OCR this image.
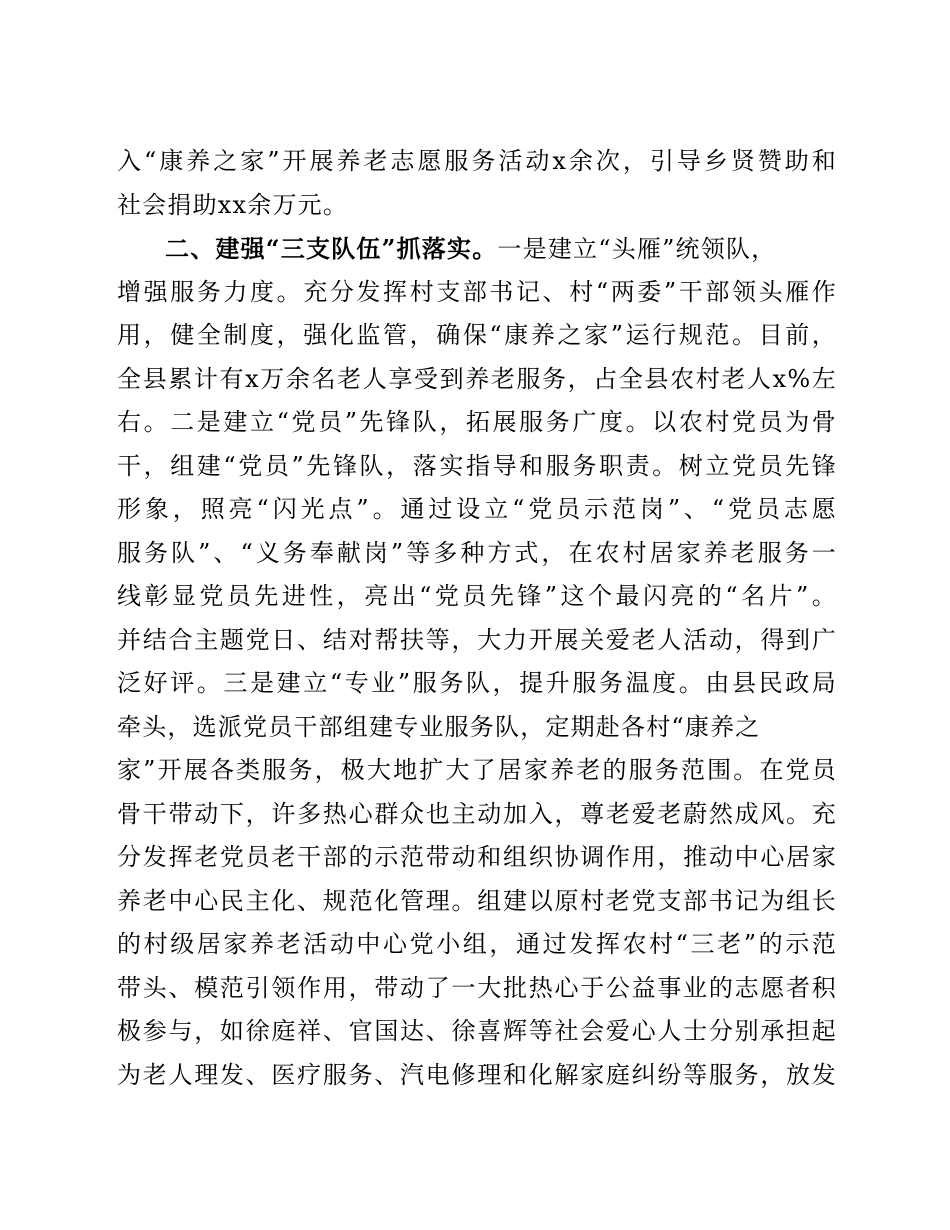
入“康养之家”开展养老志愿服务活动x余次，引导乡贤赞助和
社会捐助xx余万元。
二、建强“三支队伍”抓落实。一是建立“头雁”统领队，
增强服务力度。充分发挥村支部书记、村“两委”干部领头雁作
用，健全制度，强化监管，确保“康养之家”运行规范。目前，
全县累计有x万余名老人享受到养老服务，占全县农村老人x%左
右。二是建立“党员”先锋队，拓展服务广度。以农村党员为骨
干，组建“党员”先锋队，落实指导和服务职责。树立党员先锋
形象，照亮“闪光点”。通过设立“党员示范岗”、“党员志愿
服务队”、“义务奉献岗”等多种方式，在农村居家养老服务一
线彰显党员先进性，亮出“党员先锋”这个最闪亮的“名片”。
并结合主题党日、结对帮扶等，大力开展关爱老人活动，得到广
泛好评。三是建立“专业”服务队，提升服务温度。由县民政局
牵头，选派党员干部组建专业服务队，定期赴各村“康养之
家”开展各类服务，极大地扩大了居家养老的服务范围。在党员
骨干带动下，许多热心群众也主动加入，尊老爱老蔚然成风。充
分发挥老党员老干部的示范带动和组织协调作用，推动中心居家
养老中心民主化、规范化管理。组建以原村老党支部书记为组长
的村级居家养老活动中心党小组，通过发挥农村“三老”的示范
带头、模范引领作用，带动了一大批热心于公益事业的志愿者积
极参与，如徐庭祥、官国达、徐喜辉等社会爱心人士分别承担起
为老人理发、医疗服务、汽电修理和化解家庭纠纷等服务，放发
